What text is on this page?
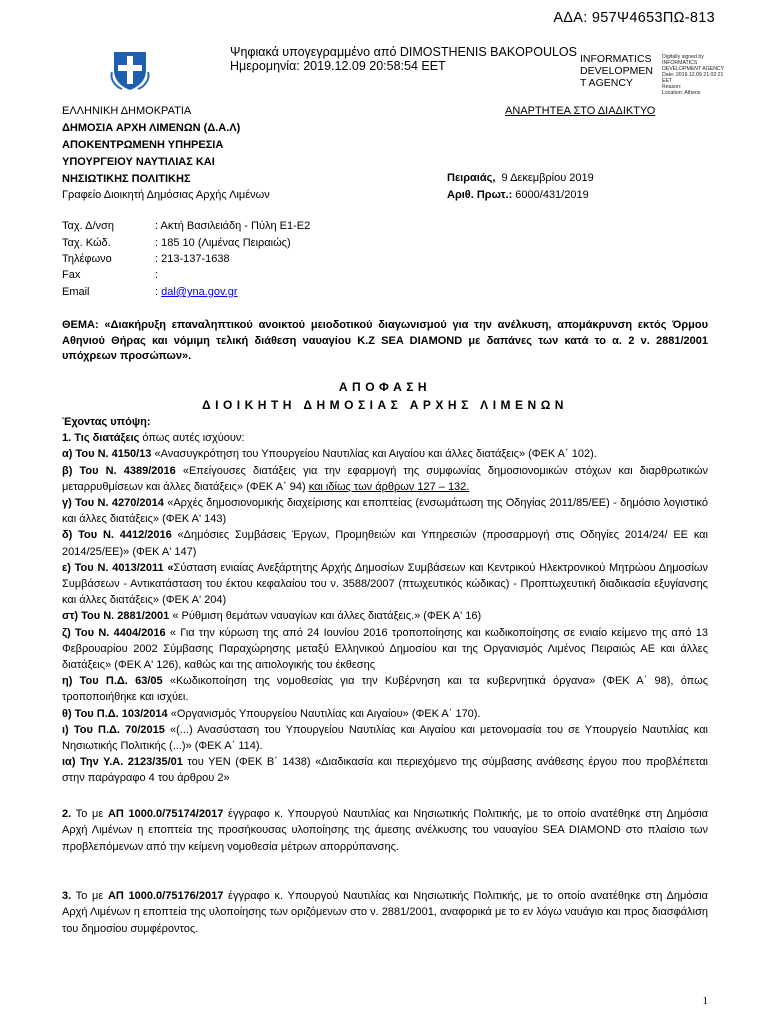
ΑΔΑ: 957Ψ4653ΠΩ-813
Ψηφιακά υπογεγραμμένο από DIMOSTHENIS BAKOPOULOS
Ημερομηνία: 2019.12.09 20:58:54 EET	INFORMATICS DEVELOPMEN T AGENCY
Digitally signed by
INFORMATICS
DEVELOPMENT AGENCY
Date: 2019.12.09 21:02:21
EET
Reason:
Location: Athens
ΕΛΛΗΝΙΚΗ ΔΗΜΟΚΡΑΤΙΑ
ΔΗΜΟΣΙΑ ΑΡΧΗ ΛΙΜΕΝΩΝ (Δ.Α.Λ)
ΑΠΟΚΕΝΤΡΩΜΕΝΗ ΥΠΗΡΕΣΙΑ
ΥΠΟΥΡΓΕΙΟΥ ΝΑΥΤΙΛΙΑΣ ΚΑΙ
ΝΗΣΙΩΤΙΚΗΣ ΠΟΛΙΤΙΚΗΣ
Γραφείο Διοικητή Δημόσιας Αρχής Λιμένων
ΑΝΑΡΤΗΤΕΑ ΣΤΟ ΔΙΑΔΙΚΤΥΟ
Πειραιάς, 9 Δεκεμβρίου 2019
Αριθ. Πρωτ.: 6000/431/2019
Ταχ. Δ/νση	: Ακτή Βασιλειάδη - Πύλη Ε1-Ε2
Ταχ. Κώδ.	: 185 10 (Λιμένας Πειραιώς)
Τηλέφωνο	: 213-137-1638
Fax	:
Email	: dal@yna.gov.gr
ΘΕΜΑ: «Διακήρυξη επαναληπτικού ανοικτού μειοδοτικού διαγωνισμού για την ανέλκυση, απομάκρυνση εκτός Όρμου Αθηνιού Θήρας και νόμιμη τελική διάθεση ναυαγίου Κ.Ζ SEA DIAMOND με δαπάνες των κατά το α. 2 ν. 2881/2001 υπόχρεων προσώπων».
ΑΠΟΦΑΣΗ
ΔΙΟΙΚΗΤΗ ΔΗΜΟΣΙΑΣ ΑΡΧΗΣ ΛΙΜΕΝΩΝ

Έχοντας υπόψη:

1. Τις διατάξεις όπως αυτές ισχύουν:

α) Του Ν. 4150/13 «Ανασυγκρότηση του Υπουργείου Ναυτιλίας και Αιγαίου και άλλες διατάξεις» (ΦΕΚ Α΄ 102).

β) Του Ν. 4389/2016 «Επείγουσες διατάξεις για την εφαρμογή της συμφωνίας δημοσιονομικών στόχων και διαρθρωτικών μεταρρυθμίσεων και άλλες διατάξεις» (ΦΕΚ Α΄ 94) και ιδίως των άρθρων 127 – 132.

γ) Του Ν. 4270/2014 «Αρχές δημοσιονομικής διαχείρισης και εποπτείας (ενσωμάτωση της Οδηγίας 2011/85/ΕΕ) - δημόσιο λογιστικό και άλλες διατάξεις» (ΦΕΚ Α' 143)

δ) Του Ν. 4412/2016 «Δημόσιες Συμβάσεις Έργων, Προμηθειών και Υπηρεσιών (προσαρμογή στις Οδηγίες 2014/24/ ΕΕ και 2014/25/ΕΕ)» (ΦΕΚ Α' 147)

ε) Του Ν. 4013/2011 «Σύσταση ενιαίας Ανεξάρτητης Αρχής Δημοσίων Συμβάσεων και Κεντρικού Ηλεκτρονικού Μητρώου Δημοσίων Συμβάσεων - Αντικατάσταση του έκτου κεφαλαίου του ν. 3588/2007 (πτωχευτικός κώδικας) - Προπτωχευτική διαδικασία εξυγίανσης και άλλες διατάξεις» (ΦΕΚ Α' 204)

στ) Του Ν. 2881/2001 « Ρύθμιση θεμάτων ναυαγίων και άλλες διατάξεις.» (ΦΕΚ Α' 16)

ζ) Του Ν. 4404/2016 « Για την κύρωση της από 24 Ιουνίου 2016 τροποποίησης και κωδικοποίησης σε ενιαίο κείμενο της από 13 Φεβρουαρίου 2002 Σύμβασης Παραχώρησης μεταξύ Ελληνικού Δημοσίου και της Οργανισμός Λιμένος Πειραιώς ΑΕ και άλλες διατάξεις» (ΦΕΚ Α' 126), καθώς και της αιτιολογικής του έκθεσης

η) Του Π.Δ. 63/05 «Κωδικοποίηση της νομοθεσίας για την Κυβέρνηση και τα κυβερνητικά όργανα» (ΦΕΚ Α΄ 98), όπως τροποποιήθηκε και ισχύει.

θ) Του Π.Δ. 103/2014 «Οργανισμός Υπουργείου Ναυτιλίας και Αιγαίου» (ΦΕΚ Α΄ 170).

ι) Του Π.Δ. 70/2015 «(...) Ανασύσταση του Υπουργείου Ναυτιλίας και Αιγαίου και μετονομασία του σε Υπουργείο Ναυτιλίας και Νησιωτικής Πολιτικής (...)» (ΦΕΚ Α΄ 114).

ια) Την Υ.Α. 2123/35/01 του ΥΕΝ (ΦΕΚ Β΄ 1438) «Διαδικασία και περιεχόμενο της σύμβασης ανάθεσης έργου που προβλέπεται στην παράγραφο 4 του άρθρου 2»

2. Το με ΑΠ 1000.0/75174/2017 έγγραφο κ. Υπουργού Ναυτιλίας και Νησιωτικής Πολιτικής, με το οποίο ανατέθηκε στη Δημόσια Αρχή Λιμένων η εποπτεία της προσήκουσας υλοποίησης της άμεσης ανέλκυσης του ναυαγίου SEA DIAMOND στο πλαίσιο των προβλεπόμενων από την κείμενη νομοθεσία μέτρων απορρύπανσης.
3. Το με ΑΠ 1000.0/75176/2017 έγγραφο κ. Υπουργού Ναυτιλίας και Νησιωτικής Πολιτικής, με το οποίο ανατέθηκε στη Δημόσια Αρχή Λιμένων η εποπτεία της υλοποίησης των οριζόμενων στο ν. 2881/2001, αναφορικά με το εν λόγω ναυάγιο και προς διασφάλιση του δημοσίου συμφέροντος.
1
